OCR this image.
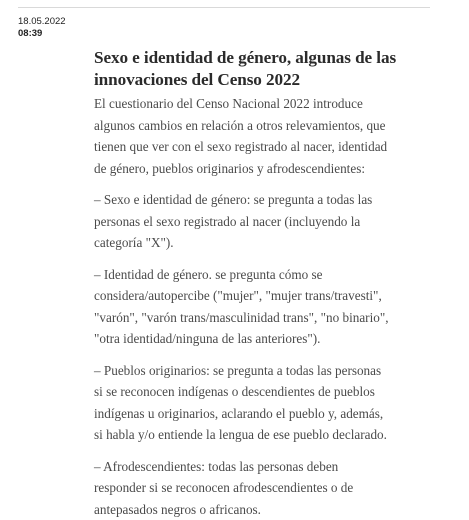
18.05.2022
08:39
Sexo e identidad de género, algunas de las
innovaciones del Censo 2022

El cuestionario del Censo Nacional 2022 introduce
algunos cambios en relación a otros relevamientos, que
tienen que ver con el sexo registrado al nacer, identidad
de género, pueblos originarios y afrodescendientes:

– Sexo e identidad de género: se pregunta a todas las
personas el sexo registrado al nacer (incluyendo la
categoría "X").

– Identidad de género. se pregunta cómo se
considera/autopercibe ("mujer", "mujer trans/travesti",
"varón", "varón trans/masculinidad trans", "no binario",
"otra identidad/ninguna de las anteriores").

– Pueblos originarios: se pregunta a todas las personas
si se reconocen indígenas o descendientes de pueblos
indígenas u originarios, aclarando el pueblo y, además,
si habla y/o entiende la lengua de ese pueblo declarado.

– Afrodescendientes: todas las personas deben
responder si se reconocen afrodescendientes o de
antepasados negros o africanos.
